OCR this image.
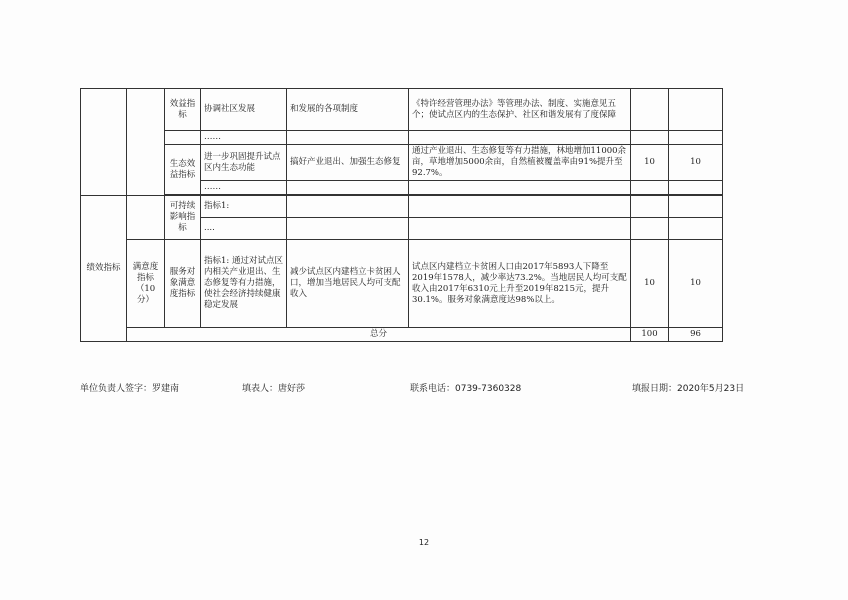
		效益指标	协调社区发展	和发展的各项制度	《特许经营管理办法》等管理办法、制度、实施意见五个；使试点区内的生态保护、社区和谐发展有了度保障		
			……				
		生态效益指标	进一步巩固提升试点区内生态功能	搞好产业退出、加强生态修复	通过产业退出、生态修复等有力措施，林地增加11000余亩，草地增加5000余亩，自然植被覆盖率由91%提升至92.7%。	10	10
			……				

绩效指标		可持续影响指标	指标1:				
			....				
	满意度指标（10分）	服务对象满意度指标	指标1: 通过对试点区内相关产业退出、生态修复等有力措施，使社会经济持续健康稳定发展	减少试点区内建档立卡贫困人口，增加当地居民人均可支配收入	试点区内建档立卡贫困人口由2017年5893人下降至2019年1578人，减少率达73.2%。当地居民人均可支配收入由2017年6310元上升至2019年8215元，提升30.1%。服务对象满意度达98%以上。	10	10
	总分					100	96
单位负责人签字：罗建南	填表人：唐好莎	联系电话：0739-7360328	填报日期：2020年5月23日
12
